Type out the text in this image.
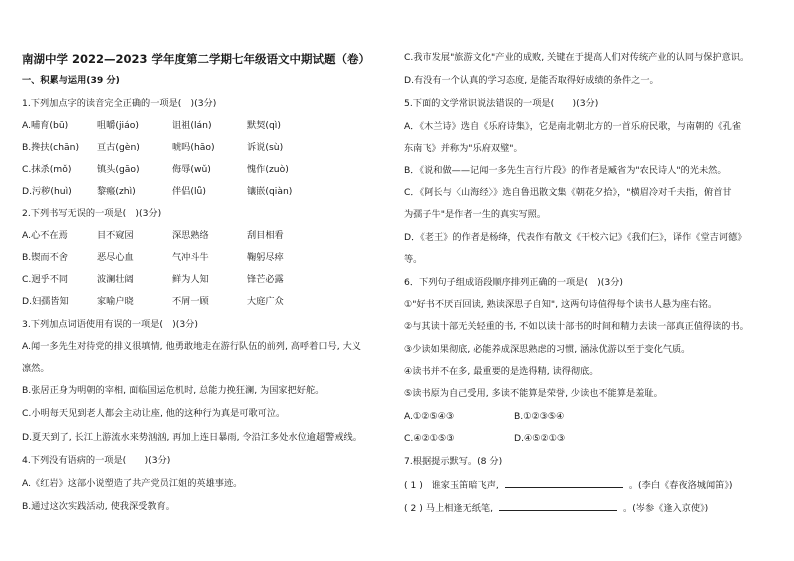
南湖中学 2022—2023 学年度第二学期七年级语文中期试题（卷）
一、积累与运用(39 分)
1.下列加点字的读音完全正确的一项是(　)(3分)
A.哺育(bū)	咀嚼(jiáo)	诅祖(lán)	默契(qì)
B.搀扶(chān)	亘古(gèn)	唬吗(hāo)	诉说(sù)
C.抹杀(mǒ)	镇头(gāo)	侮辱(wǔ)	愧作(zuò)
D.污秽(huì)	黎瘢(zhì)	伴侣(lǚ)	镶嵌(qiàn)
2.下列书写无误的一项是(　)(3分)
A.心不在焉	目不窥园	深思熟络	刮目相看
B.锲而不舍	恶尽心血	气冲斗牛	鞠躬尽瘁
C.迥乎不同	波澜壮阔	鲜为人知	锋芒必露
D.妇孺皆知	家喻户晓	不屑一顾	大庭广众
3.下列加点词语使用有误的一项是(　)(3分)
A.闻一多先生对待党的排义很填情, 他勇敢地走在游行队伍的前列, 高呼着口号, 大义
凛然。
B.张居正身为明朝的宰相, 面临国运危机时, 总能力挽狂澜, 为国家把好舵。
C.小明每天见到老人都会主动让座, 他的这种行为真是可歌可泣。
D.夏天到了, 长江上游流水来势汹汹, 再加上连日暴雨, 令沿江多处水位逾超警戒线。
4.下列没有语病的一项是(　　)(3分)
A.《红岩》这部小说塑造了共产党员江姐的英雄事迹。
B.通过这次实践活动, 使我深受教育。
C.我市发展"旅游文化"产业的成败, 关键在于提高人们对传统产业的认同与保护意识。
D.有没有一个认真的学习态度, 是能否取得好成绩的条件之一。
5.下面的文学常识说法错误的一项是(　　)(3分)
A．《木兰诗》选自《乐府诗集》，它是南北朝北方的一首乐府民歌，与南朝的《孔雀
东南飞》并称为"乐府双璧"。
B．《说和做——记闻一多先生言行片段》的作者是臧省为"农民诗人"的光未然。
C．《阿长与〈山海经〉》选自鲁迅散文集《朝花夕拾》，"横眉冷对千夫指，俯首甘
为孺子牛"是作者一生的真实写照。
D．《老王》的作者是杨绛，代表作有散文《干校六记》《我们仨》，译作《堂吉诃德》
等。
6．下列句子组成语段顺序排列正确的一项是(　)(3分)
①"好书不厌百回读, 熟读深思子自知", 这两句诗值得每个读书人悬为座右铭。
②与其读十部无关轻重的书, 不如以读十部书的时间和精力去读一部真正值得读的书。
③少读如果彻底, 必能养成深思熟虑的习惯, 涵泳优游以至于变化气质。
④读书并不在多, 最重要的是选得精, 读得彻底。
⑤读书原为自己受用, 多读不能算是荣誉, 少读也不能算是羞耻。
A.①②⑤④③	B.①②③⑤④
C.④②①⑤③	D.④⑤②①③
7.根据提示默写。(8 分)
( 1 ) 谁家玉笛暗飞声,	。(李白《春夜洛城闻笛》)
( 2 ) 马上相逢无纸笔,	。(岑参《逢入京使》)
